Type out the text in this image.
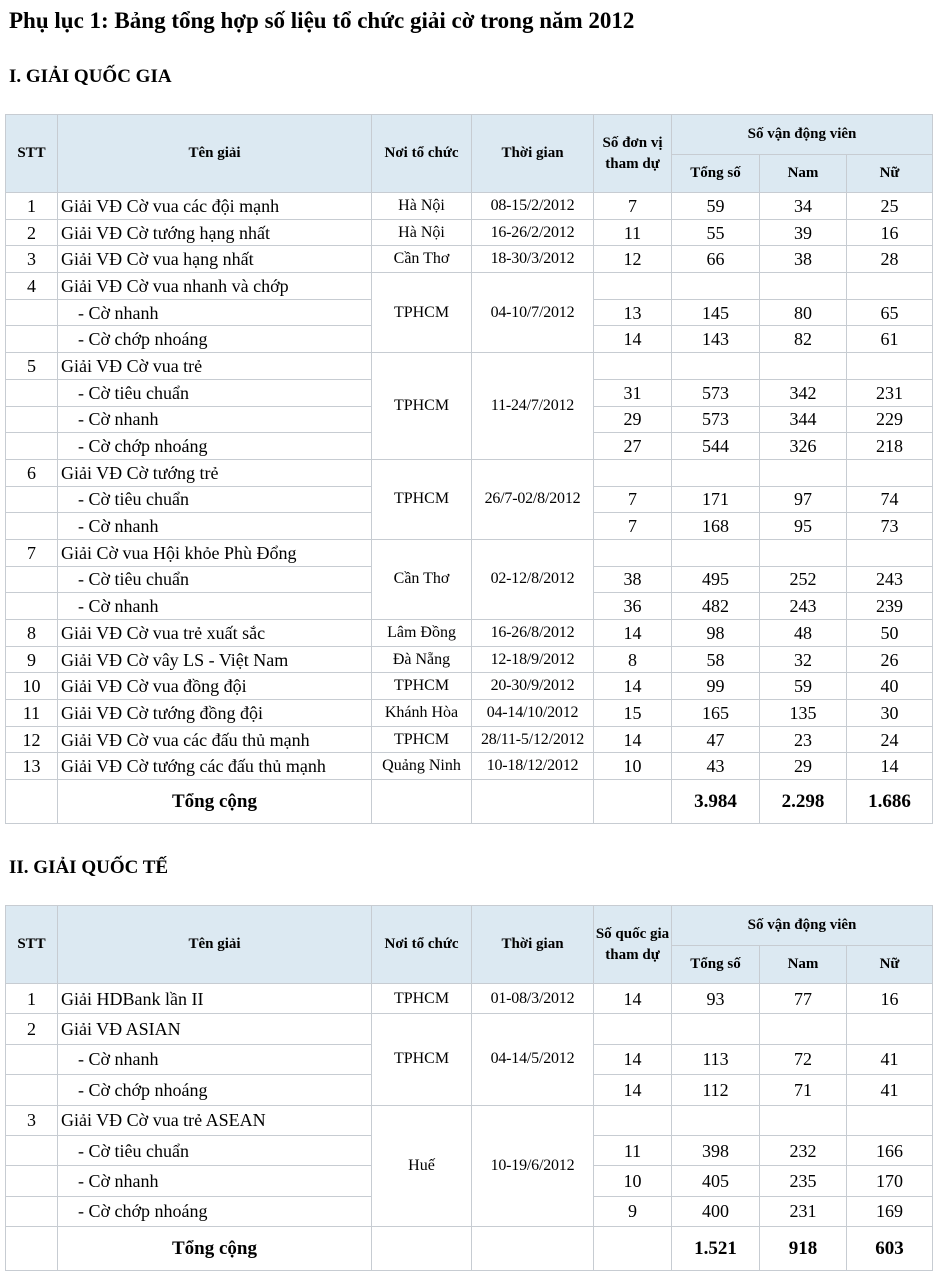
Phụ lục 1: Bảng tổng hợp số liệu tổ chức giải cờ trong năm 2012
I. GIẢI QUỐC GIA
STT	Tên giải	Nơi tổ chức	Thời gian	Số đơn vị tham dự	Số vận động viên		
					Tổng số	Nam	Nữ
1	Giải VĐ Cờ vua các đội mạnh	Hà Nội	08-15/2/2012	7	59	34	25
2	Giải VĐ Cờ tướng hạng nhất	Hà Nội	16-26/2/2012	11	55	39	16
3	Giải VĐ Cờ vua hạng nhất	Cần Thơ	18-30/3/2012	12	66	38	28
4	Giải VĐ Cờ vua nhanh và chớp	TPHCM	04-10/7/2012				
	- Cờ nhanh			13	145	80	65
	- Cờ chớp nhoáng			14	143	82	61
5	Giải VĐ Cờ vua trẻ	TPHCM	11-24/7/2012				
	- Cờ tiêu chuẩn			31	573	342	231
	- Cờ nhanh			29	573	344	229
	- Cờ chớp nhoáng			27	544	326	218
6	Giải VĐ Cờ tướng trẻ	TPHCM	26/7-02/8/2012				
	- Cờ tiêu chuẩn			7	171	97	74
	- Cờ nhanh			7	168	95	73
7	Giải Cờ vua Hội khỏe Phù Đổng	Cần Thơ	02-12/8/2012				
	- Cờ tiêu chuẩn			38	495	252	243
	- Cờ nhanh			36	482	243	239
8	Giải VĐ Cờ vua trẻ xuất sắc	Lâm Đồng	16-26/8/2012	14	98	48	50
9	Giải VĐ Cờ vây LS - Việt Nam	Đà Nẵng	12-18/9/2012	8	58	32	26
10	Giải VĐ Cờ vua đồng đội	TPHCM	20-30/9/2012	14	99	59	40
11	Giải VĐ Cờ tướng đồng đội	Khánh Hòa	04-14/10/2012	15	165	135	30
12	Giải VĐ Cờ vua các đấu thủ mạnh	TPHCM	28/11-5/12/2012	14	47	23	24
13	Giải VĐ Cờ tướng các đấu thủ mạnh	Quảng Ninh	10-18/12/2012	10	43	29	14
	Tổng cộng				3.984	2.298	1.686
II. GIẢI QUỐC TẾ
STT	Tên giải	Nơi tổ chức	Thời gian	Số quốc gia tham dự	Số vận động viên		
					Tổng số	Nam	Nữ
1	Giải HDBank lần II	TPHCM	01-08/3/2012	14	93	77	16
2	Giải VĐ ASIAN	TPHCM	04-14/5/2012				
	- Cờ nhanh			14	113	72	41
	- Cờ chớp nhoáng			14	112	71	41
3	Giải VĐ Cờ vua trẻ ASEAN	Huế	10-19/6/2012				
	- Cờ tiêu chuẩn			11	398	232	166
	- Cờ nhanh			10	405	235	170
	- Cờ chớp nhoáng			9	400	231	169
	Tổng cộng				1.521	918	603
